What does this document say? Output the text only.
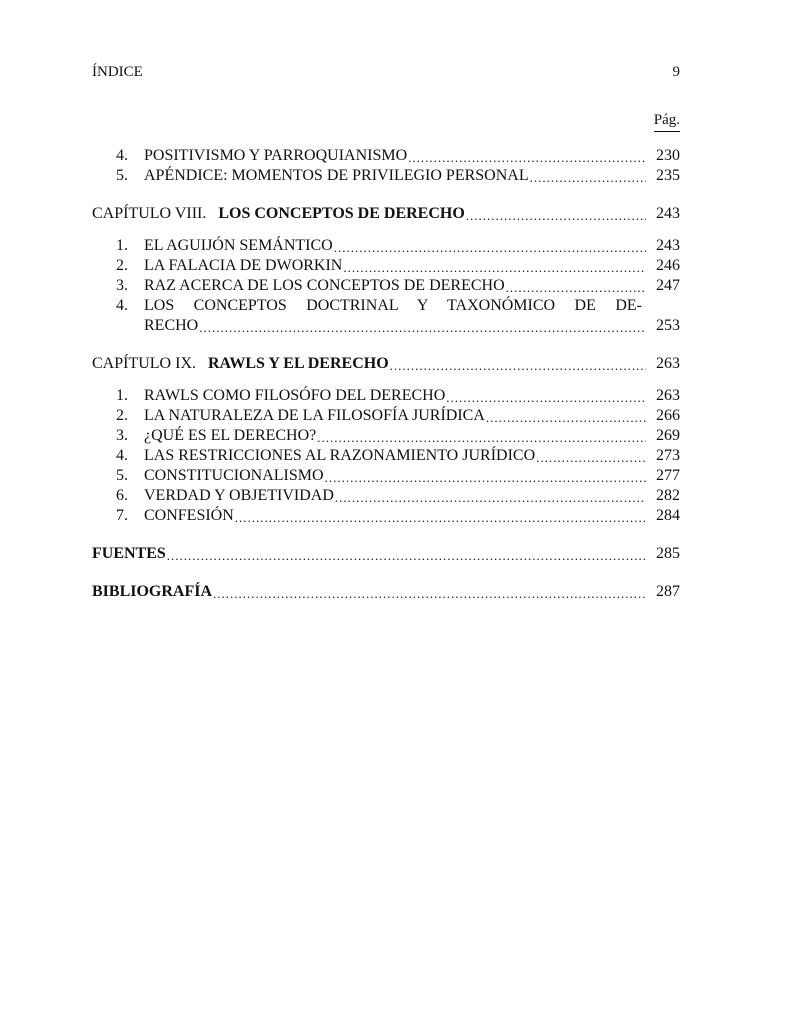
ÍNDICE	9
Pág.
4.	POSITIVISMO Y PARROQUIANISMO .....	230
5.	APÉNDICE: MOMENTOS DE PRIVILEGIO PERSONAL .....	235
CAPÍTULO VIII. LOS CONCEPTOS DE DERECHO .....	243
1.	EL AGUIJÓN SEMÁNTICO .....	243
2.	LA FALACIA DE DWORKIN .....	246
3.	RAZ ACERCA DE LOS CONCEPTOS DE DERECHO .....	247
4.	LOS CONCEPTOS DOCTRINAL Y TAXONÓMICO DE DE-
RECHO .....	253
CAPÍTULO IX. RAWLS Y EL DERECHO .....	263
1.	RAWLS COMO FILOSÓFO DEL DERECHO .....	263
2.	LA NATURALEZA DE LA FILOSOFÍA JURÍDICA .....	266
3.	¿QUÉ ES EL DERECHO? .....	269
4.	LAS RESTRICCIONES AL RAZONAMIENTO JURÍDICO .....	273
5.	CONSTITUCIONALISMO .....	277
6.	VERDAD Y OBJETIVIDAD .....	282
7.	CONFESIÓN .....	284
FUENTES .....	285
BIBLIOGRAFÍA .....	287
